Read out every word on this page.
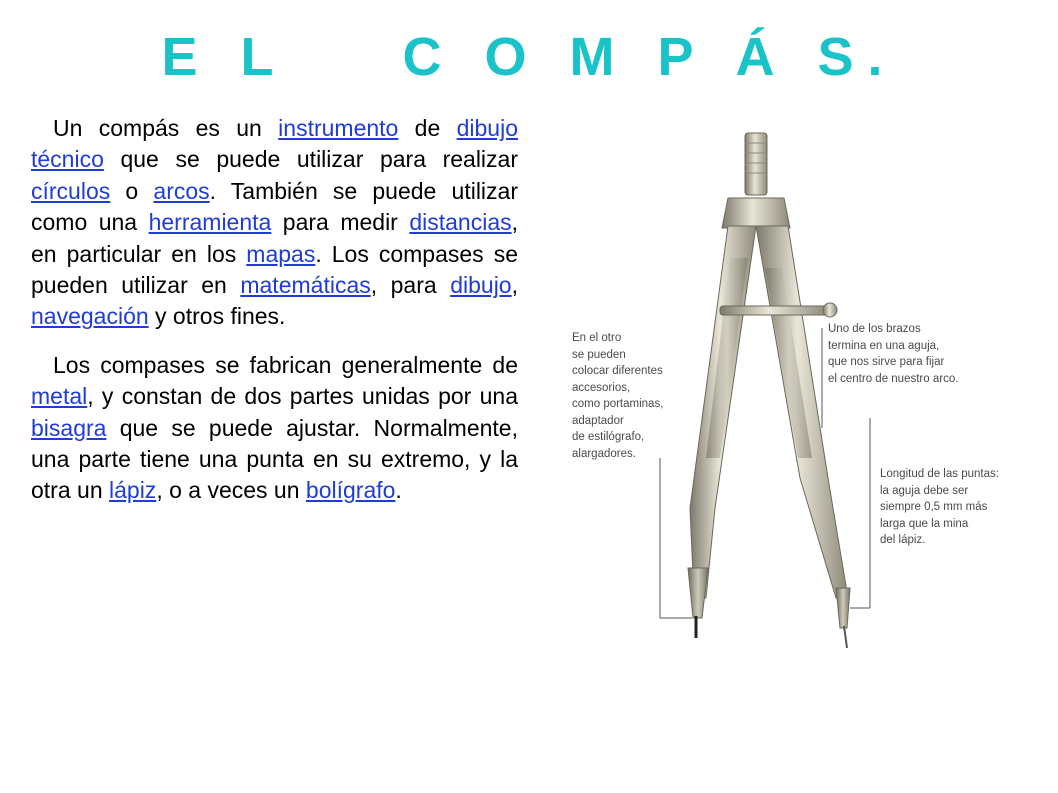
E L    C O M P Á S.

Un compás es un instrumento de dibujo técnico que se puede utilizar para realizar círculos o arcos. También se puede utilizar como una herramienta para medir distancias, en particular en los mapas. Los compases se pueden utilizar en matemáticas, para dibujo, navegación y otros fines.

Los compases se fabrican generalmente de metal, y constan de dos partes unidas por una bisagra que se puede ajustar. Normalmente, una parte tiene una punta en su extremo, y la otra un lápiz, o a veces un bolígrafo.

En el otro
se pueden
colocar diferentes
accesorios,
como portaminas,
adaptador
de estilógrafo,
alargadores.
Uno de los brazos
termina en una aguja,
que nos sirve para fijar
el centro de nuestro arco.
Longitud de las puntas:
la aguja debe ser
siempre 0,5 mm más
larga que la mina
del lápiz.
